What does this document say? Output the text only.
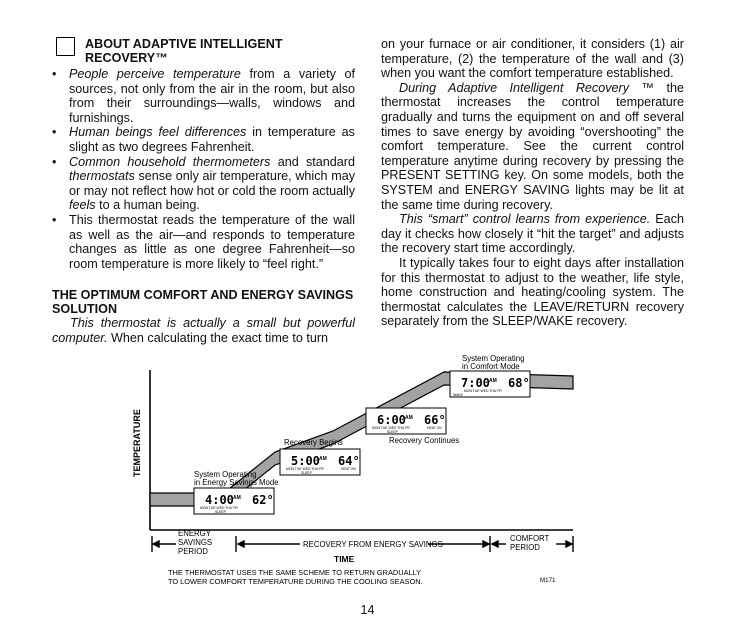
ABOUT ADAPTIVE INTELLIGENT RECOVERY™
• People perceive temperature from a variety of sources, not only from the air in the room, but also from their surroundings—walls, windows and furnishings.
• Human beings feel differences in temperature as slight as two degrees Fahrenheit.
• Common household thermometers and standard thermostats sense only air temperature, which may or may not reflect how hot or cold the room actually feels to a human being.
• This thermostat reads the temperature of the wall as well as the air—and responds to temperature changes as little as one degree Fahrenheit—so room temperature is more likely to “feel right.”
THE OPTIMUM COMFORT AND ENERGY SAVINGS SOLUTION
This thermostat is actually a small but powerful computer. When calculating the exact time to turn
on your furnace or air conditioner, it considers (1) air temperature, (2) the temperature of the wall and (3) when you want the comfort temperature established.
During Adaptive Intelligent Recovery ™ the thermostat increases the control temperature gradually and turns the equipment on and off several times to save energy by avoiding “overshooting” the comfort temperature. See the current control temperature anytime during recovery by pressing the PRESENT SETTING key. On some models, both the SYSTEM and ENERGY SAVING lights may be lit at the same time during recovery.
This “smart” control learns from experience. Each day it checks how closely it “hit the target” and adjusts the recovery start time accordingly.
It typically takes four to eight days after installation for this thermostat to adjust to the weather, life style, home construction and heating/cooling system. The thermostat calculates the LEAVE/RETURN recovery separately from the SLEEP/WAKE recovery.
TEMPERATURE
4:00 AM 62°
MON TUE WED THU FR
SLEEP
5:00 AM 64°
MON TUE WED THU FR	HEAT ON
SLEEP
6:00 AM 66°
MON TUE WED THU FR	HEAT ON
SLEEP
7:00 AM 68°
MON TUE WED THU FR
WAKE
System Operating
in Energy Savings Mode
Recovery Begins	Recovery Continues
System Operating
in Comfort Mode
ENERGY
SAVINGS
PERIOD
RECOVERY FROM ENERGY SAVINGS
COMFORT
PERIOD
TIME
THE THERMOSTAT USES THE SAME SCHEME TO RETURN GRADUALLY
TO LOWER COMFORT TEMPERATURE DURING THE COOLING SEASON.	M171
14
